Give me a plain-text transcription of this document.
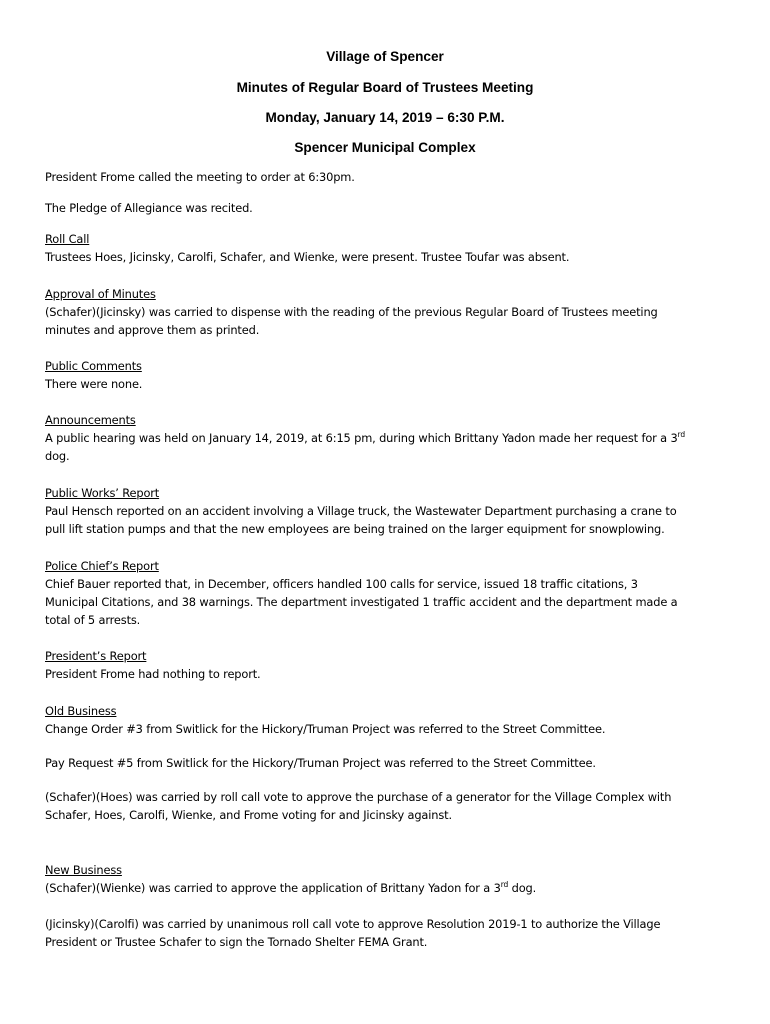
Village of Spencer
Minutes of Regular Board of Trustees Meeting
Monday, January 14, 2019 – 6:30 P.M.
Spencer Municipal Complex
President Frome called the meeting to order at 6:30pm.
The Pledge of Allegiance was recited.
Roll Call
Trustees Hoes, Jicinsky, Carolfi, Schafer, and Wienke, were present. Trustee Toufar was absent.
Approval of Minutes
(Schafer)(Jicinsky) was carried to dispense with the reading of the previous Regular Board of Trustees meeting
minutes and approve them as printed.
Public Comments
There were none.
Announcements
A public hearing was held on January 14, 2019, at 6:15 pm, during which Brittany Yadon made her request for a 3rd
dog.
Public Works’ Report
Paul Hensch reported on an accident involving a Village truck, the Wastewater Department purchasing a crane to
pull lift station pumps and that the new employees are being trained on the larger equipment for snowplowing.
Police Chief’s Report
Chief Bauer reported that, in December, officers handled 100 calls for service, issued 18 traffic citations, 3
Municipal Citations, and 38 warnings. The department investigated 1 traffic accident and the department made a
total of 5 arrests.
President’s Report
President Frome had nothing to report.
Old Business
Change Order #3 from Switlick for the Hickory/Truman Project was referred to the Street Committee.
Pay Request #5 from Switlick for the Hickory/Truman Project was referred to the Street Committee.
(Schafer)(Hoes) was carried by roll call vote to approve the purchase of a generator for the Village Complex with
Schafer, Hoes, Carolfi, Wienke, and Frome voting for and Jicinsky against.
New Business
(Schafer)(Wienke) was carried to approve the application of Brittany Yadon for a 3rd dog.
(Jicinsky)(Carolfi) was carried by unanimous roll call vote to approve Resolution 2019-1 to authorize the Village
President or Trustee Schafer to sign the Tornado Shelter FEMA Grant.
